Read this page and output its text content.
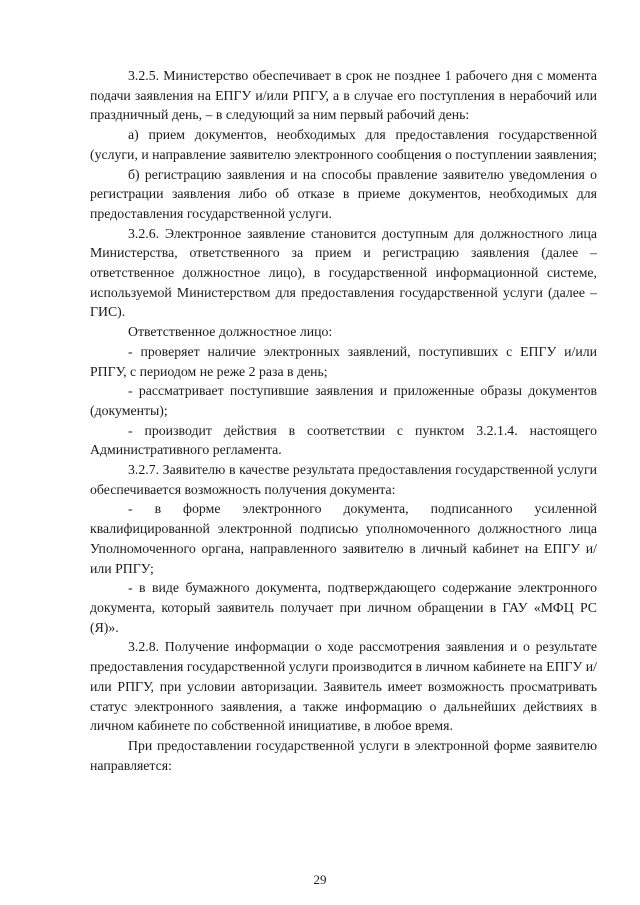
3.2.5. Министерство обеспечивает в срок не позднее 1 рабочего дня с момента подачи заявления на ЕПГУ и/или РПГУ, а в случае его поступления в нерабочий или праздничный день, – в следующий за ним первый рабочий день:

а) прием документов, необходимых для предоставления государственной (услуги, и направление заявителю электронного сообщения о поступлении заявления;

б) регистрацию заявления и на способы правление заявителю уведомления о регистрации заявления либо об отказе в приеме документов, необходимых для предоставления государственной услуги.

3.2.6. Электронное заявление становится доступным для должностного лица Министерства, ответственного за прием и регистрацию заявления (далее – ответственное должностное лицо), в государственной информационной системе, используемой Министерством для предоставления государственной услуги (далее – ГИС).

Ответственное должностное лицо:

- проверяет наличие электронных заявлений, поступивших с ЕПГУ и/или РПГУ, с периодом не реже 2 раза в день;

- рассматривает поступившие заявления и приложенные образы документов (документы);

- производит действия в соответствии с пунктом 3.2.1.4. настоящего Административного регламента.

3.2.7. Заявителю в качестве результата предоставления государственной услуги обеспечивается возможность получения документа:

- в форме электронного документа, подписанного усиленной квалифицированной электронной подписью уполномоченного должностного лица Уполномоченного органа, направленного заявителю в личный кабинет на ЕПГУ и/или РПГУ;

- в виде бумажного документа, подтверждающего содержание электронного документа, который заявитель получает при личном обращении в ГАУ «МФЦ РС (Я)».

3.2.8. Получение информации о ходе рассмотрения заявления и о результате предоставления государственной услуги производится в личном кабинете на ЕПГУ и/или РПГУ, при условии авторизации. Заявитель имеет возможность просматривать статус электронного заявления, а также информацию о дальнейших действиях в личном кабинете по собственной инициативе, в любое время.

При предоставлении государственной услуги в электронной форме заявителю направляется:

29
